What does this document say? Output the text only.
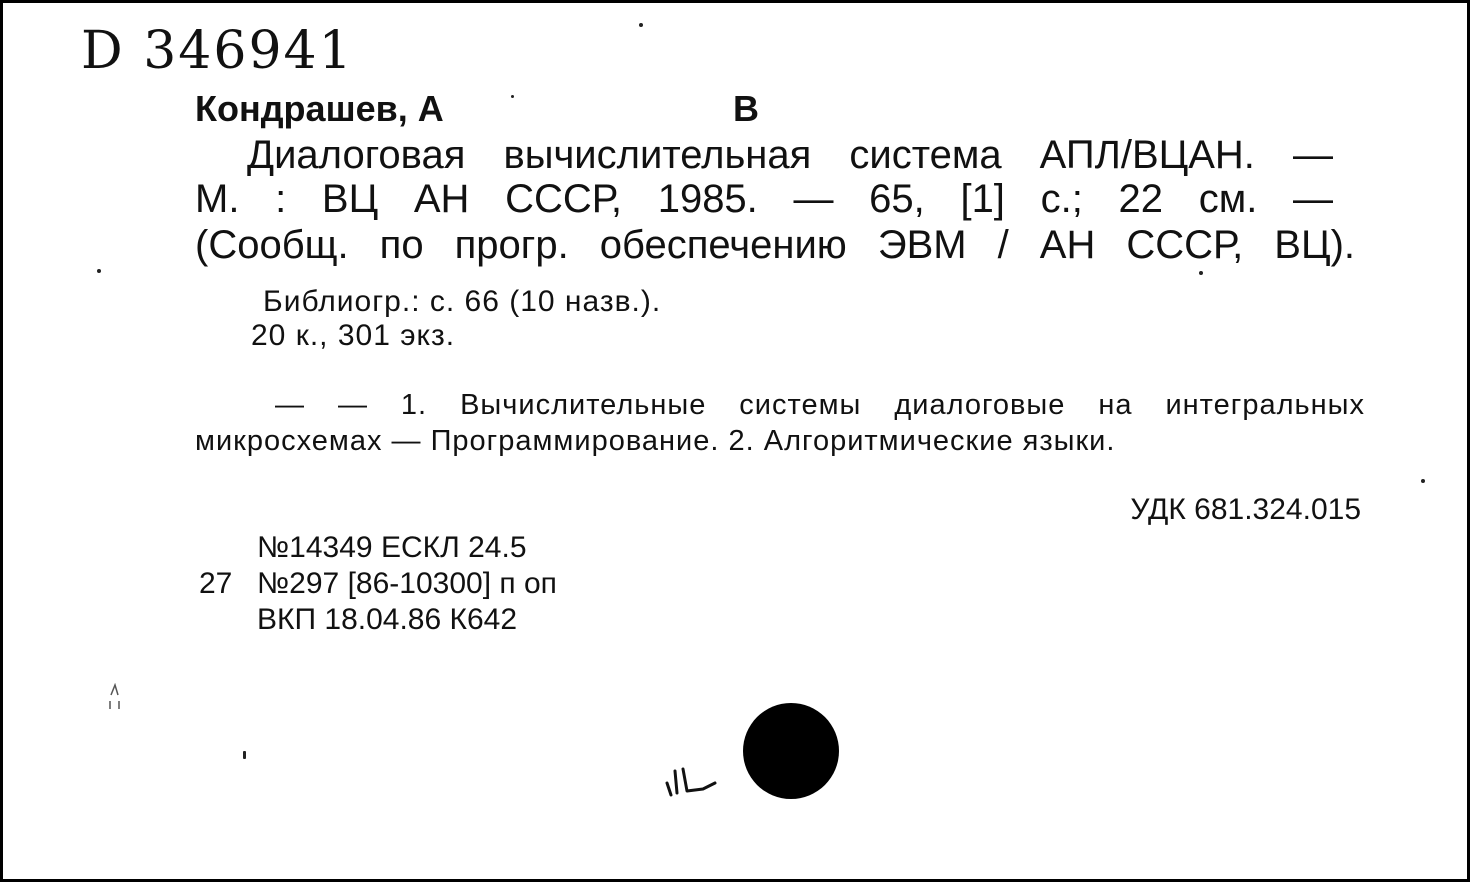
D 346941
Кондрашев, А	В
Диалоговая вычислительная система АПЛ/ВЦАН. —
М. : ВЦ АН СССР, 1985. — 65, [1] с.; 22 см. —
(Сообщ. по прогр. обеспечению ЭВМ / АН СССР, ВЦ).
Библиогр.: с. 66 (10 назв.).
20 к., 301 экз.
— — 1. Вычислительные системы диалоговые на интегральных
микросхемах — Программирование. 2. Алгоритмические языки.
УДК 681.324.015
№14349 ЕСКЛ 24.5
27 №297 [86-10300] п оп
ВКП 18.04.86 К642
